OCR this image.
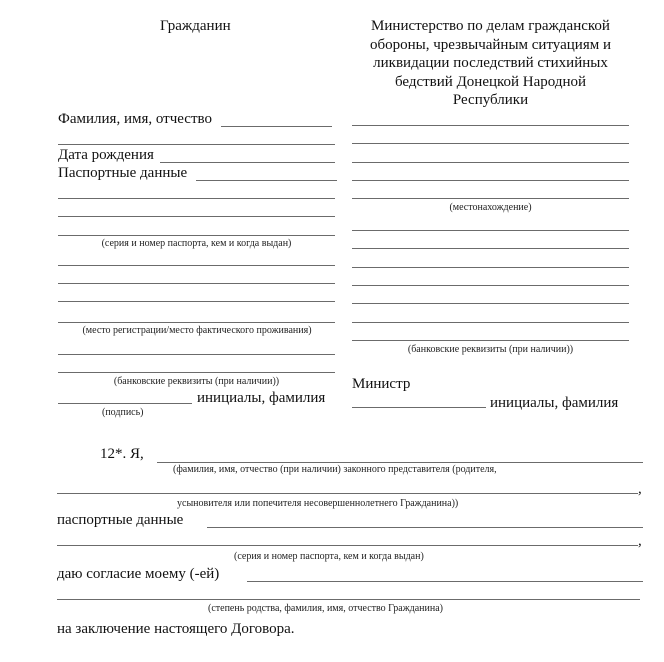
Гражданин
Фамилия, имя, отчество
Дата рождения
Паспортные данные
(серия и номер паспорта, кем и когда выдан)
(место регистрации/место фактического проживания)
(банковские реквизиты (при наличии))
инициалы, фамилия
(подпись)
Министерство по делам гражданской
обороны, чрезвычайным ситуациям и
ликвидации последствий стихийных
бедствий Донецкой Народной
Республики
(местонахождение)
(банковские реквизиты (при наличии))
Министр
инициалы, фамилия
12*. Я,
(фамилия, имя, отчество (при наличии) законного представителя (родителя,
,
усыновителя или попечителя несовершеннолетнего Гражданина))
паспортные данные
,
(серия и номер паспорта, кем и когда выдан)
даю согласие моему (-ей)
(степень родства, фамилия, имя, отчество Гражданина)
на заключение настоящего Договора.
